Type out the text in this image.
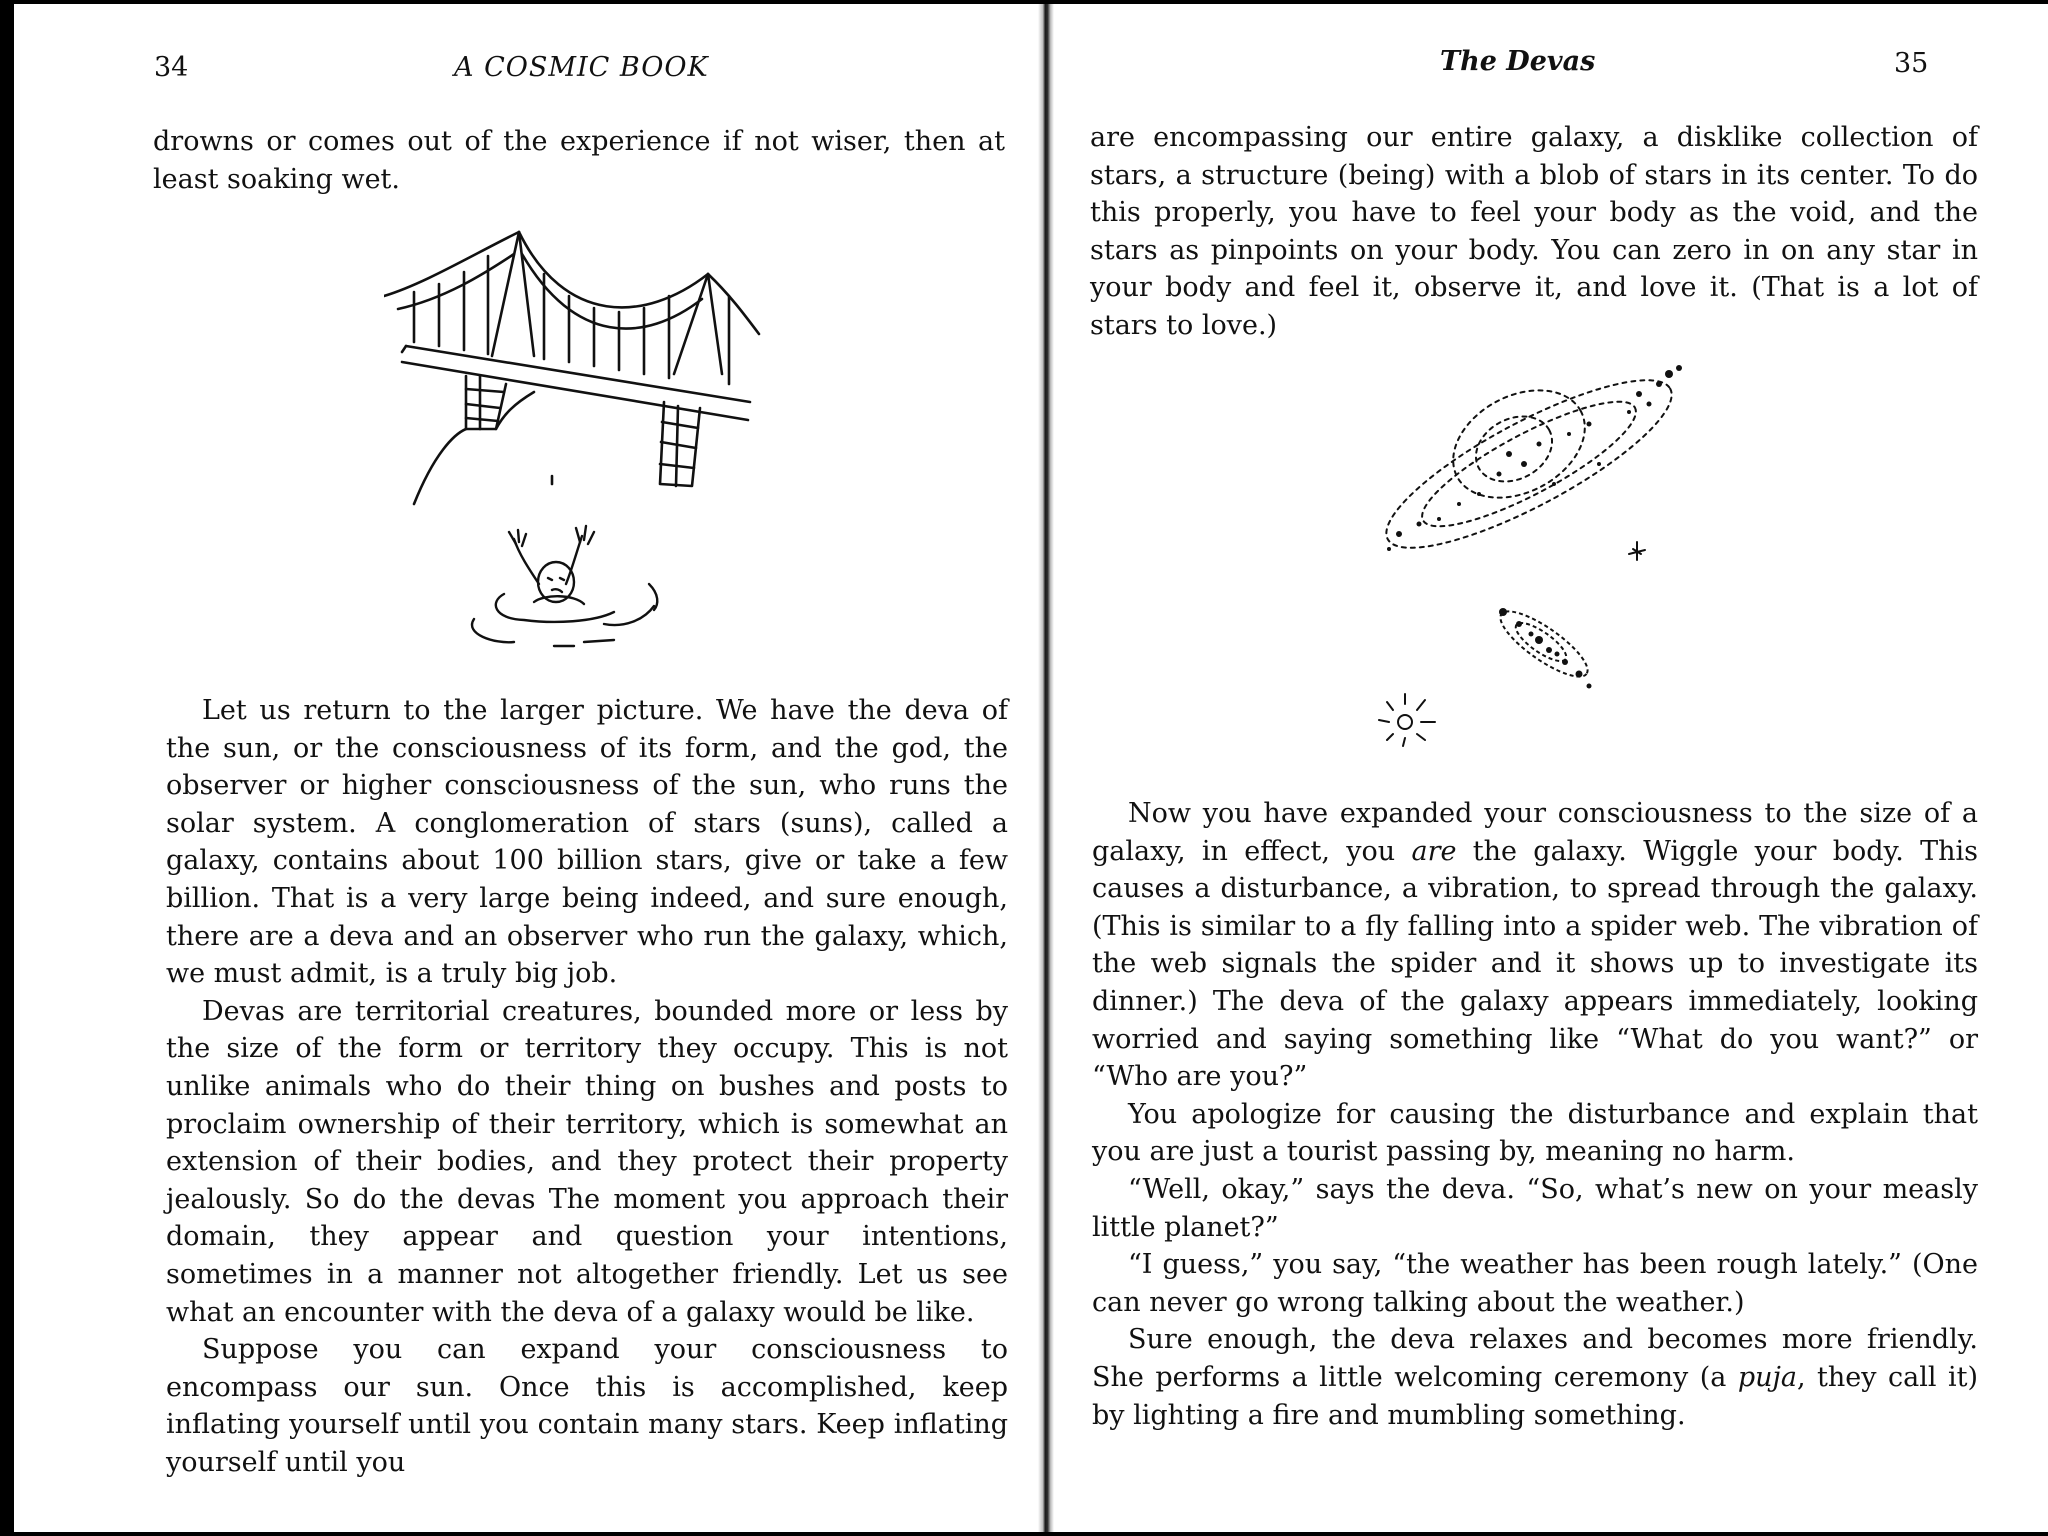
34	A COSMIC BOOK

drowns or comes out of the experience if not wiser, then at least soaking wet.

Let us return to the larger picture. We have the deva of the sun, or the consciousness of its form, and the god, the observer or higher consciousness of the sun, who runs the solar system. A conglomeration of stars (suns), called a galaxy, contains about 100 billion stars, give or take a few billion. That is a very large being indeed, and sure enough, there are a deva and an observer who run the galaxy, which, we must admit, is a truly big job.

Devas are territorial creatures, bounded more or less by the size of the form or territory they occupy. This is not unlike animals who do their thing on bushes and posts to proclaim ownership of their territory, which is somewhat an extension of their bodies, and they protect their property jealously. So do the devas The moment you approach their domain, they appear and question your intentions, sometimes in a manner not altogether friendly. Let us see what an encounter with the deva of a galaxy would be like.

Suppose you can expand your consciousness to encompass our sun. Once this is accomplished, keep inflating yourself until you contain many stars. Keep inflating yourself until you

The Devas	35

are encompassing our entire galaxy, a disklike collection of stars, a structure (being) with a blob of stars in its center. To do this properly, you have to feel your body as the void, and the stars as pinpoints on your body. You can zero in on any star in your body and feel it, observe it, and love it. (That is a lot of stars to love.)

Now you have expanded your consciousness to the size of a galaxy, in effect, you are the galaxy. Wiggle your body. This causes a disturbance, a vibration, to spread through the galaxy. (This is similar to a fly falling into a spider web. The vibration of the web signals the spider and it shows up to investigate its dinner.) The deva of the galaxy appears immediately, looking worried and saying something like “What do you want?” or “Who are you?”

You apologize for causing the disturbance and explain that you are just a tourist passing by, meaning no harm.

“Well, okay,” says the deva. “So, what’s new on your measly little planet?”

“I guess,” you say, “the weather has been rough lately.” (One can never go wrong talking about the weather.)

Sure enough, the deva relaxes and becomes more friendly. She performs a little welcoming ceremony (a puja, they call it) by lighting a fire and mumbling something.
